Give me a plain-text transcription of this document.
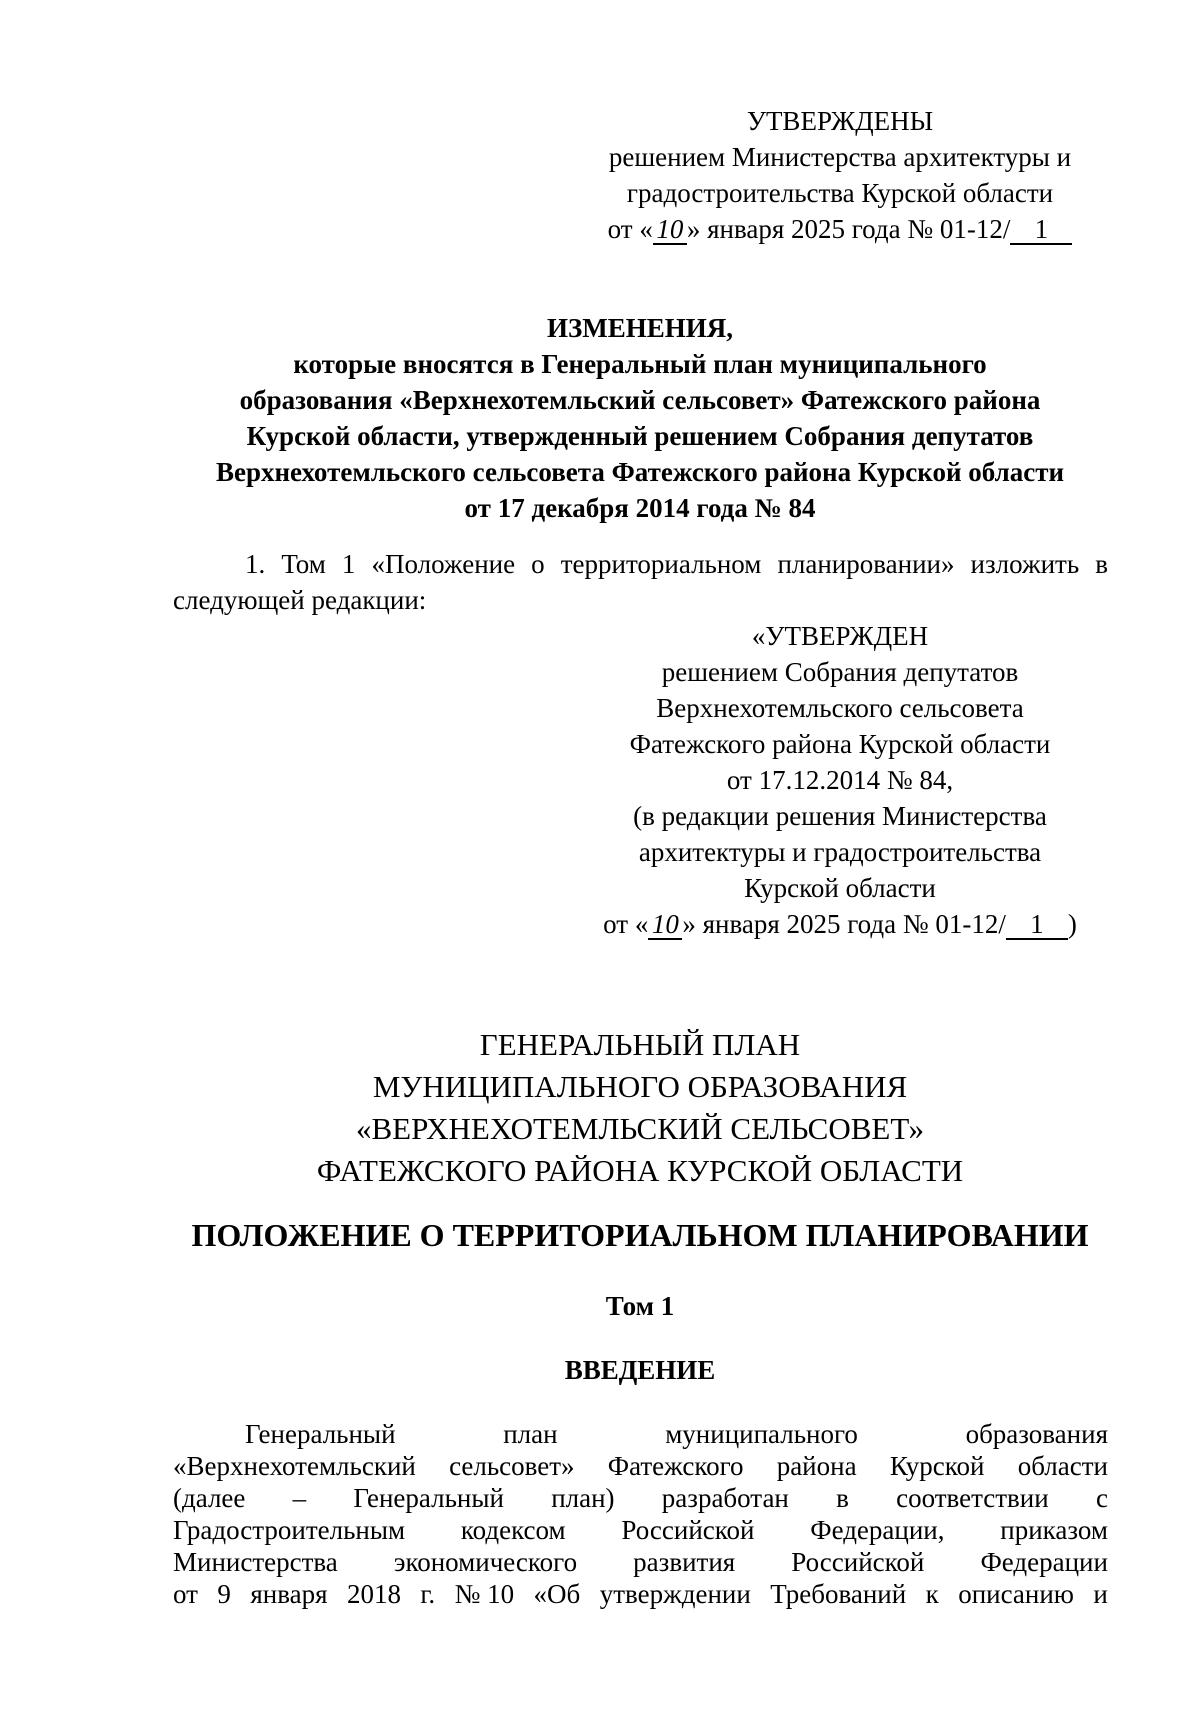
УТВЕРЖДЕНЫ
решением Министерства архитектуры и
градостроительства Курской области
от « 10 » января 2025 года № 01-12/ 1
ИЗМЕНЕНИЯ,
которые вносятся в Генеральный план муниципального
образования «Верхнехотемльский сельсовет» Фатежского района
Курской области, утвержденный решением Собрания депутатов
Верхнехотемльского сельсовета Фатежского района Курской области
от 17 декабря 2014 года № 84
1. Том 1 «Положение о территориальном планировании» изложить в следующей редакции:
«УТВЕРЖДЕН
решением Собрания депутатов
Верхнехотемльского сельсовета
Фатежского района Курской области
от 17.12.2014 № 84,
(в редакции решения Министерства
архитектуры и градостроительства
Курской области
от « 10 » января 2025 года № 01-12/ 1 )
ГЕНЕРАЛЬНЫЙ ПЛАН
МУНИЦИПАЛЬНОГО ОБРАЗОВАНИЯ
«ВЕРХНЕХОТЕМЛЬСКИЙ СЕЛЬСОВЕТ»
ФАТЕЖСКОГО РАЙОНА КУРСКОЙ ОБЛАСТИ
ПОЛОЖЕНИЕ О ТЕРРИТОРИАЛЬНОМ ПЛАНИРОВАНИИ
Том 1
ВВЕДЕНИЕ
Генеральный	план	муниципального	образования
«Верхнехотемльский сельсовет» Фатежского района Курской области
(далее – Генеральный план) разработан в соответствии с
Градостроительным кодексом Российской Федерации, приказом
Министерства экономического развития Российской Федерации
от 9 января 2018 г. № 10 «Об утверждении Требований к описанию и
